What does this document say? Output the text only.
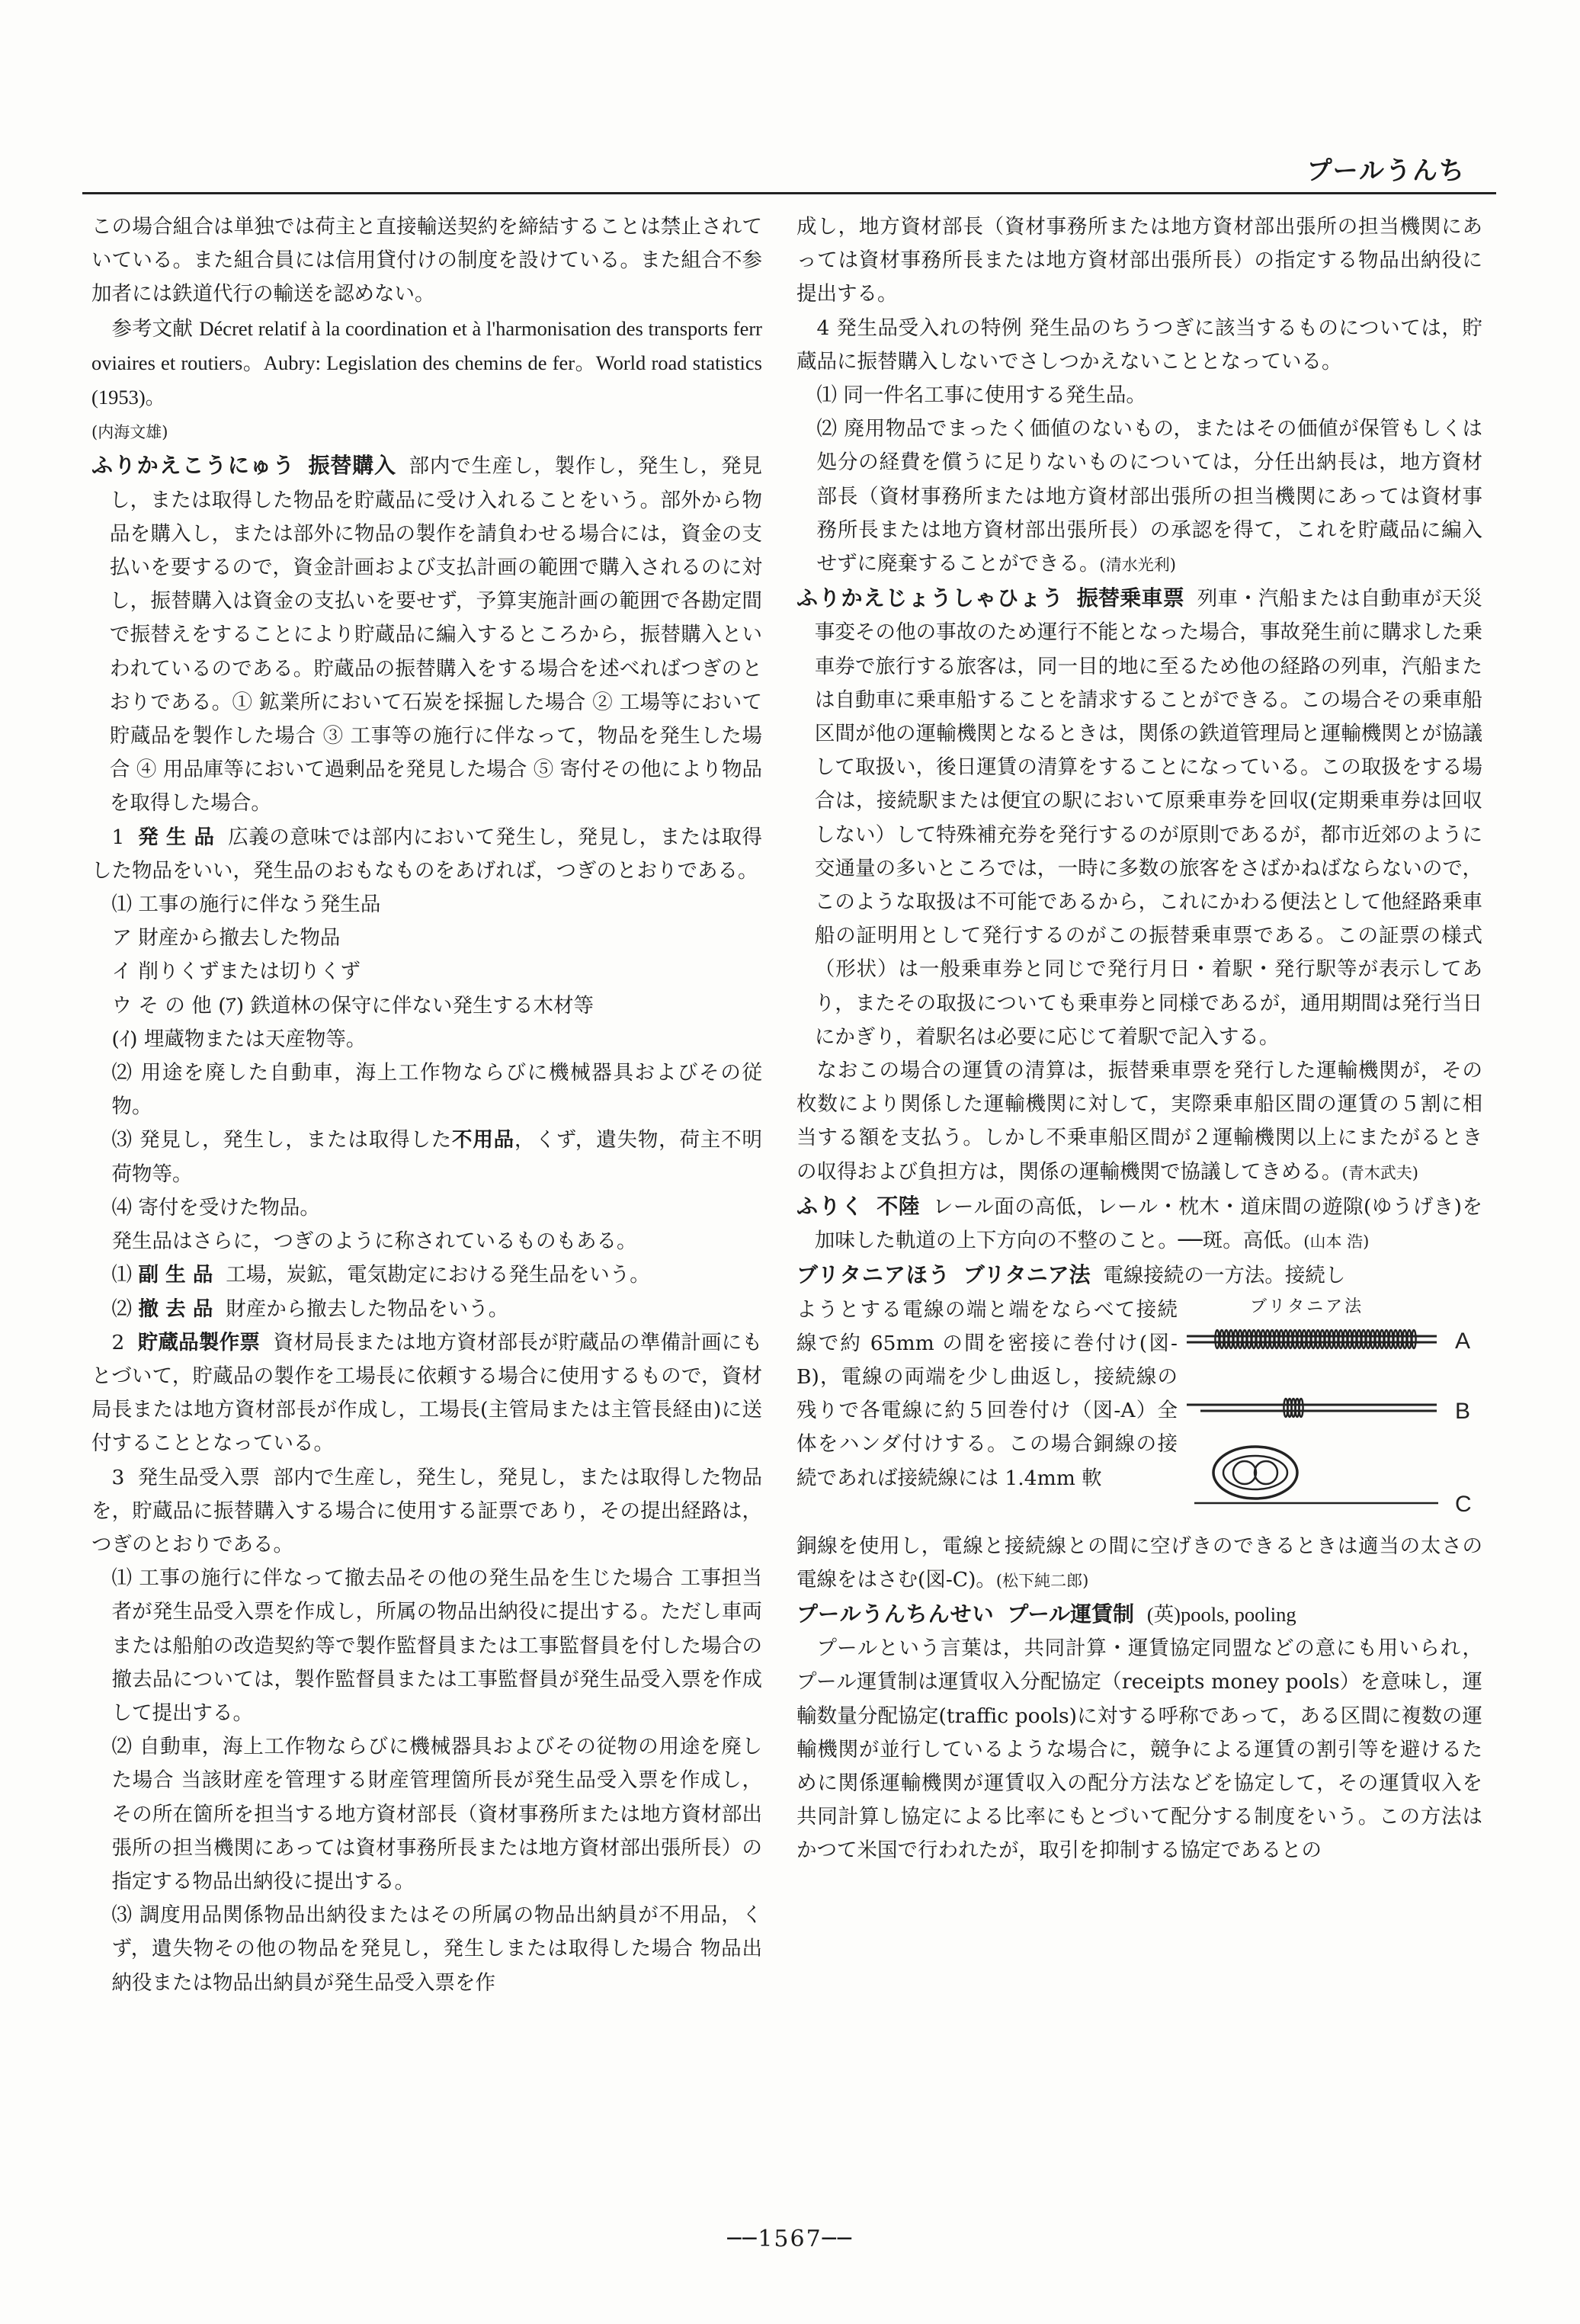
プールうんち

この場合組合は単独では荷主と直接輸送契約を締結することは禁止されていている。また組合員には信用貸付けの制度を設けている。また組合不参加者には鉄道代行の輸送を認めない。

参考文献 Décret relatif à la coordination et à l'harmonisation des transports ferroviaires et routiers。Aubry: Legislation des chemins de fer。World road statistics (1953)。

(内海文雄)

ふりかえこうにゅう 振替購入 部内で生産し，製作し，発生し，発見し，または取得した物品を貯蔵品に受け入れることをいう。部外から物品を購入し，または部外に物品の製作を請負わせる場合には，資金の支払いを要するので，資金計画および支払計画の範囲で購入されるのに対し，振替購入は資金の支払いを要せず，予算実施計画の範囲で各勘定間で振替えをすることにより貯蔵品に編入するところから，振替購入といわれているのである。貯蔵品の振替購入をする場合を述べればつぎのとおりである。① 鉱業所において石炭を採掘した場合 ② 工場等において貯蔵品を製作した場合 ③ 工事等の施行に伴なって，物品を発生した場合 ④ 用品庫等において過剰品を発見した場合 ⑤ 寄付その他により物品を取得した場合。

1 発 生 品 広義の意味では部内において発生し，発見し，または取得した物品をいい，発生品のおもなものをあげれば，つぎのとおりである。

⑴ 工事の施行に伴なう発生品

ア 財産から撤去した物品

イ 削りくずまたは切りくず

ウ そ の 他 (ｱ) 鉄道林の保守に伴ない発生する木材等

(ｲ) 埋蔵物または天産物等。

⑵ 用途を廃した自動車，海上工作物ならびに機械器具およびその従物。

⑶ 発見し，発生し，または取得した不用品，くず，遺失物，荷主不明荷物等。

⑷ 寄付を受けた物品。

発生品はさらに，つぎのように称されているものもある。

⑴ 副 生 品 工場，炭鉱，電気勘定における発生品をいう。

⑵ 撤 去 品 財産から撤去した物品をいう。

2 貯蔵品製作票 資材局長または地方資材部長が貯蔵品の準備計画にもとづいて，貯蔵品の製作を工場長に依頼する場合に使用するもので，資材局長または地方資材部長が作成し，工場長(主管局または主管長経由)に送付することとなっている。

3 発生品受入票 部内で生産し，発生し，発見し，または取得した物品を，貯蔵品に振替購入する場合に使用する証票であり，その提出経路は，つぎのとおりである。

⑴ 工事の施行に伴なって撤去品その他の発生品を生じた場合 工事担当者が発生品受入票を作成し，所属の物品出納役に提出する。ただし車両または船舶の改造契約等で製作監督員または工事監督員を付した場合の撤去品については，製作監督員または工事監督員が発生品受入票を作成して提出する。

⑵ 自動車，海上工作物ならびに機械器具およびその従物の用途を廃した場合 当該財産を管理する財産管理箇所長が発生品受入票を作成し，その所在箇所を担当する地方資材部長（資材事務所または地方資材部出張所の担当機関にあっては資材事務所長または地方資材部出張所長）の指定する物品出納役に提出する。

⑶ 調度用品関係物品出納役またはその所属の物品出納員が不用品，くず，遺失物その他の物品を発見し，発生しまたは取得した場合 物品出納役または物品出納員が発生品受入票を作

成し，地方資材部長（資材事務所または地方資材部出張所の担当機関にあっては資材事務所長または地方資材部出張所長）の指定する物品出納役に提出する。

4 発生品受入れの特例 発生品のちうつぎに該当するものについては，貯蔵品に振替購入しないでさしつかえないこととなっている。

⑴ 同一件名工事に使用する発生品。

⑵ 廃用物品でまったく価値のないもの，またはその価値が保管もしくは処分の経費を償うに足りないものについては，分任出納長は，地方資材部長（資材事務所または地方資材部出張所の担当機関にあっては資材事務所長または地方資材部出張所長）の承認を得て，これを貯蔵品に編入せずに廃棄することができる。(清水光利)

ふりかえじょうしゃひょう 振替乗車票 列車・汽船または自動車が天災事変その他の事故のため運行不能となった場合，事故発生前に購求した乗車券で旅行する旅客は，同一目的地に至るため他の経路の列車，汽船または自動車に乗車船することを請求することができる。この場合その乗車船区間が他の運輸機関となるときは，関係の鉄道管理局と運輸機関とが協議して取扱い，後日運賃の清算をすることになっている。この取扱をする場合は，接続駅または便宜の駅において原乗車券を回収(定期乗車券は回収しない）して特殊補充券を発行するのが原則であるが，都市近郊のように交通量の多いところでは，一時に多数の旅客をさばかねばならないので，このような取扱は不可能であるから，これにかわる便法として他経路乗車船の証明用として発行するのがこの振替乗車票である。この証票の様式（形状）は一般乗車券と同じで発行月日・着駅・発行駅等が表示してあり，またその取扱についても乗車券と同様であるが，通用期間は発行当日にかぎり，着駅名は必要に応じて着駅で記入する。

なおこの場合の運賃の清算は，振替乗車票を発行した運輸機関が，その枚数により関係した運輸機関に対して，実際乗車船区間の運賃の５割に相当する額を支払う。しかし不乗車船区間が２運輸機関以上にまたがるときの収得および負担方は，関係の運輸機関で協議してきめる。(青木武夫)

ふりく 不陸 レール面の高低，レール・枕木・道床間の遊隙(ゆうげき)を加味した軌道の上下方向の不整のこと。──斑。高低。(山本 浩)

ブリタニアほう ブリタニア法 電線接続の一方法。接続し

ようとする電線の端と端をならべて接続線で約 65mm の間を密接に巻付け(図-B)，電線の両端を少し曲返し，接続線の残りで各電線に約５回巻付け（図-A）全体をハンダ付けする。この場合銅線の接続であれば接続線には 1.4mm 軟

ブリタニア法
A
B
C

銅線を使用し，電線と接続線との間に空げきのできるときは適当の太さの電線をはさむ(図-C)。(松下純二郎)

プールうんちんせい プール運賃制 (英)pools, pooling

プールという言葉は，共同計算・運賃協定同盟などの意にも用いられ，プール運賃制は運賃収入分配協定（receipts money pools）を意味し，運輸数量分配協定(traffic pools)に対する呼称であって，ある区間に複数の運輸機関が並行しているような場合に，競争による運賃の割引等を避けるために関係運輸機関が運賃収入の配分方法などを協定して，その運賃収入を共同計算し協定による比率にもとづいて配分する制度をいう。この方法はかつて米国で行われたが，取引を抑制する協定であるとの

──1567──
